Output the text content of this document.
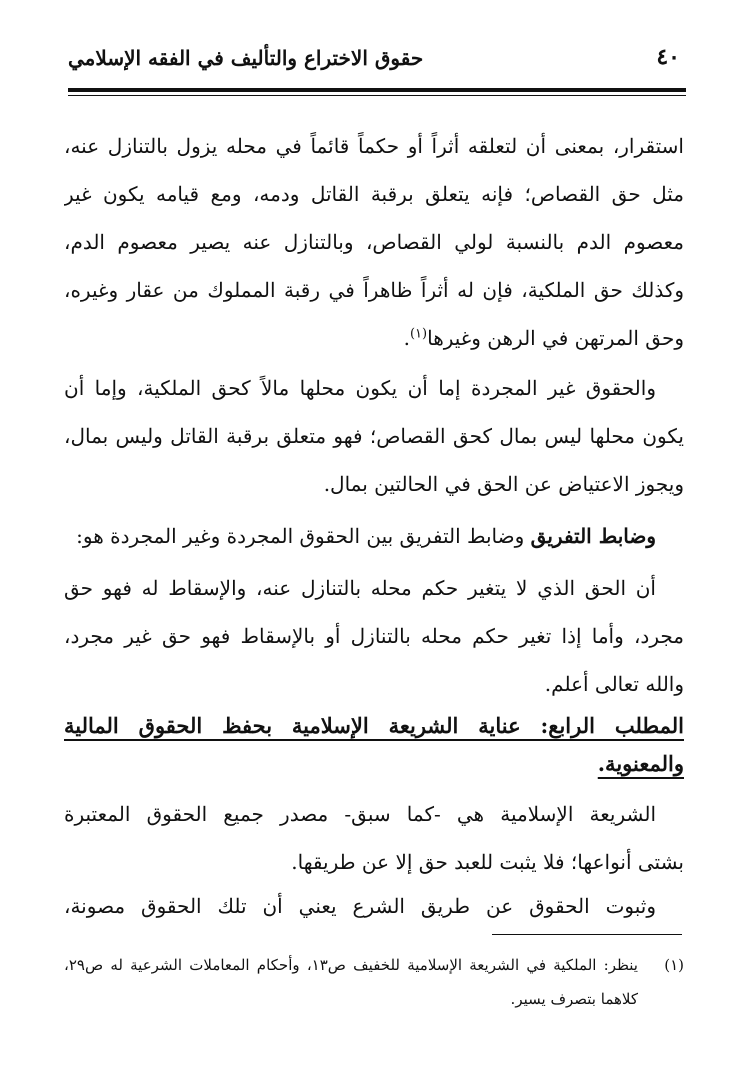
٤٠
حقوق الاختراع والتأليف في الفقه الإسلامي
استقرار، بمعنى أن لتعلقه أثراً أو حكماً قائماً في محله يزول بالتنازل عنه،
مثل حق القصاص؛ فإنه يتعلق برقبة القاتل ودمه، ومع قيامه يكون غير
معصوم الدم بالنسبة لولي القصاص، وبالتنازل عنه يصير معصوم الدم،
وكذلك حق الملكية، فإن له أثراً ظاهراً في رقبة المملوك من عقار وغيره،
وحق المرتهن في الرهن وغيرها$^{(١)}$.
والحقوق غير المجردة إما أن يكون محلها مالاً كحق الملكية، وإما أن
يكون محلها ليس بمال كحق القصاص؛ فهو متعلق برقبة القاتل وليس بمال،
ويجوز الاعتياض عن الحق في الحالتين بمال.
وضابط التفريق وضابط التفريق بين الحقوق المجردة وغير المجردة هو:
أن الحق الذي لا يتغير حكم محله بالتنازل عنه، والإسقاط له فهو حق
مجرد، وأما إذا تغير حكم محله بالتنازل أو بالإسقاط فهو حق غير مجرد،
والله تعالى أعلم.
المطلب الرابع: عناية الشريعة الإسلامية بحفظ الحقوق المالية
والمعنوية.
الشريعة الإسلامية هي -كما سبق- مصدر جميع الحقوق المعتبرة
بشتى أنواعها؛ فلا يثبت للعبد حق إلا عن طريقها.
وثبوت الحقوق عن طريق الشرع يعني أن تلك الحقوق مصونة،
(١)
ينظر: الملكية في الشريعة الإسلامية للخفيف ص١٣، وأحكام المعاملات الشرعية له ص٢٩،
كلاهما بتصرف يسير.
